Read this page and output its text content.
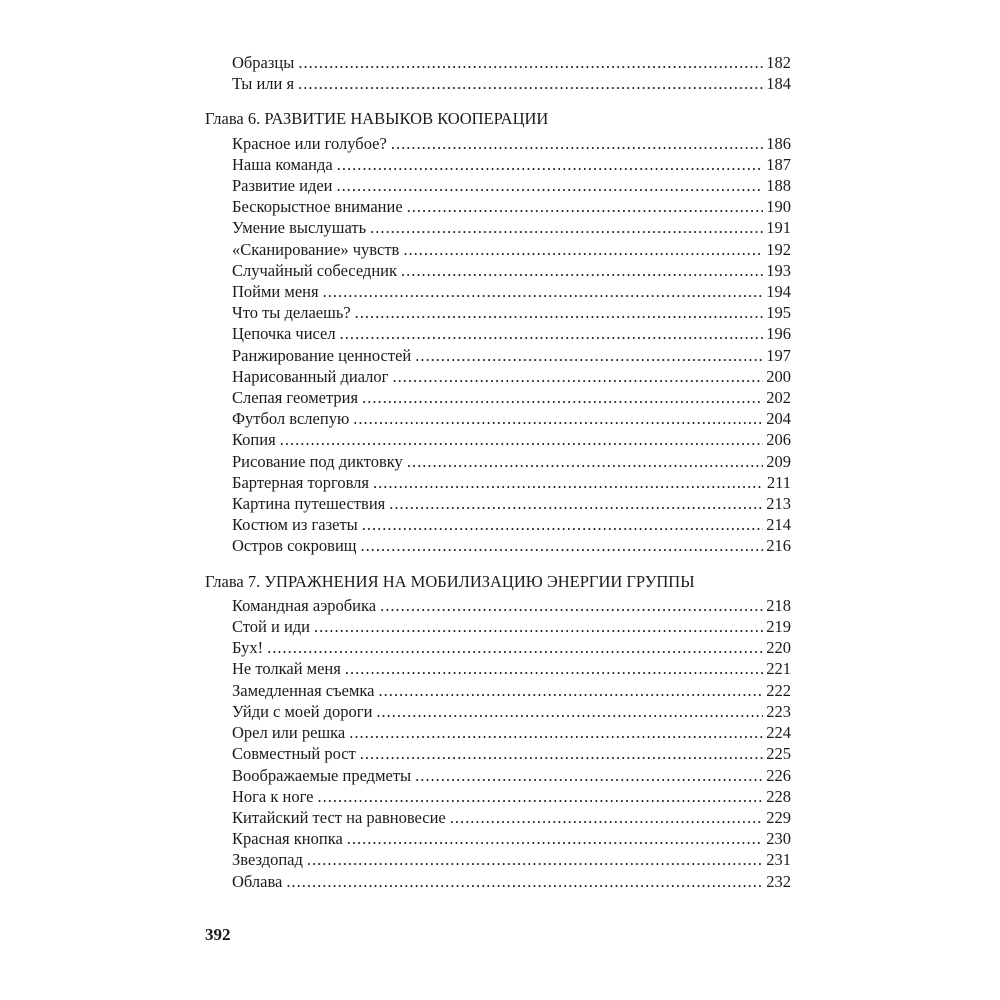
Образцы .....	182
Ты или я .....	184
Глава 6. РАЗВИТИЕ НАВЫКОВ КООПЕРАЦИИ
Красное или голубое? .....	186
Наша команда .....	187
Развитие идеи .....	188
Бескорыстное внимание .....	190
Умение выслушать .....	191
«Сканирование» чувств .....	192
Случайный собеседник .....	193
Пойми меня .....	194
Что ты делаешь? .....	195
Цепочка чисел .....	196
Ранжирование ценностей .....	197
Нарисованный диалог .....	200
Слепая геометрия .....	202
Футбол вслепую .....	204
Копия .....	206
Рисование под диктовку .....	209
Бартерная торговля .....	211
Картина путешествия .....	213
Костюм из газеты .....	214
Остров сокровищ .....	216
Глава 7. УПРАЖНЕНИЯ НА МОБИЛИЗАЦИЮ ЭНЕРГИИ ГРУППЫ
Командная аэробика .....	218
Стой и иди .....	219
Бух! .....	220
Не толкай меня .....	221
Замедленная съемка .....	222
Уйди с моей дороги .....	223
Орел или решка .....	224
Совместный рост .....	225
Воображаемые предметы .....	226
Нога к ноге .....	228
Китайский тест на равновесие .....	229
Красная кнопка .....	230
Звездопад .....	231
Облава .....	232
392
